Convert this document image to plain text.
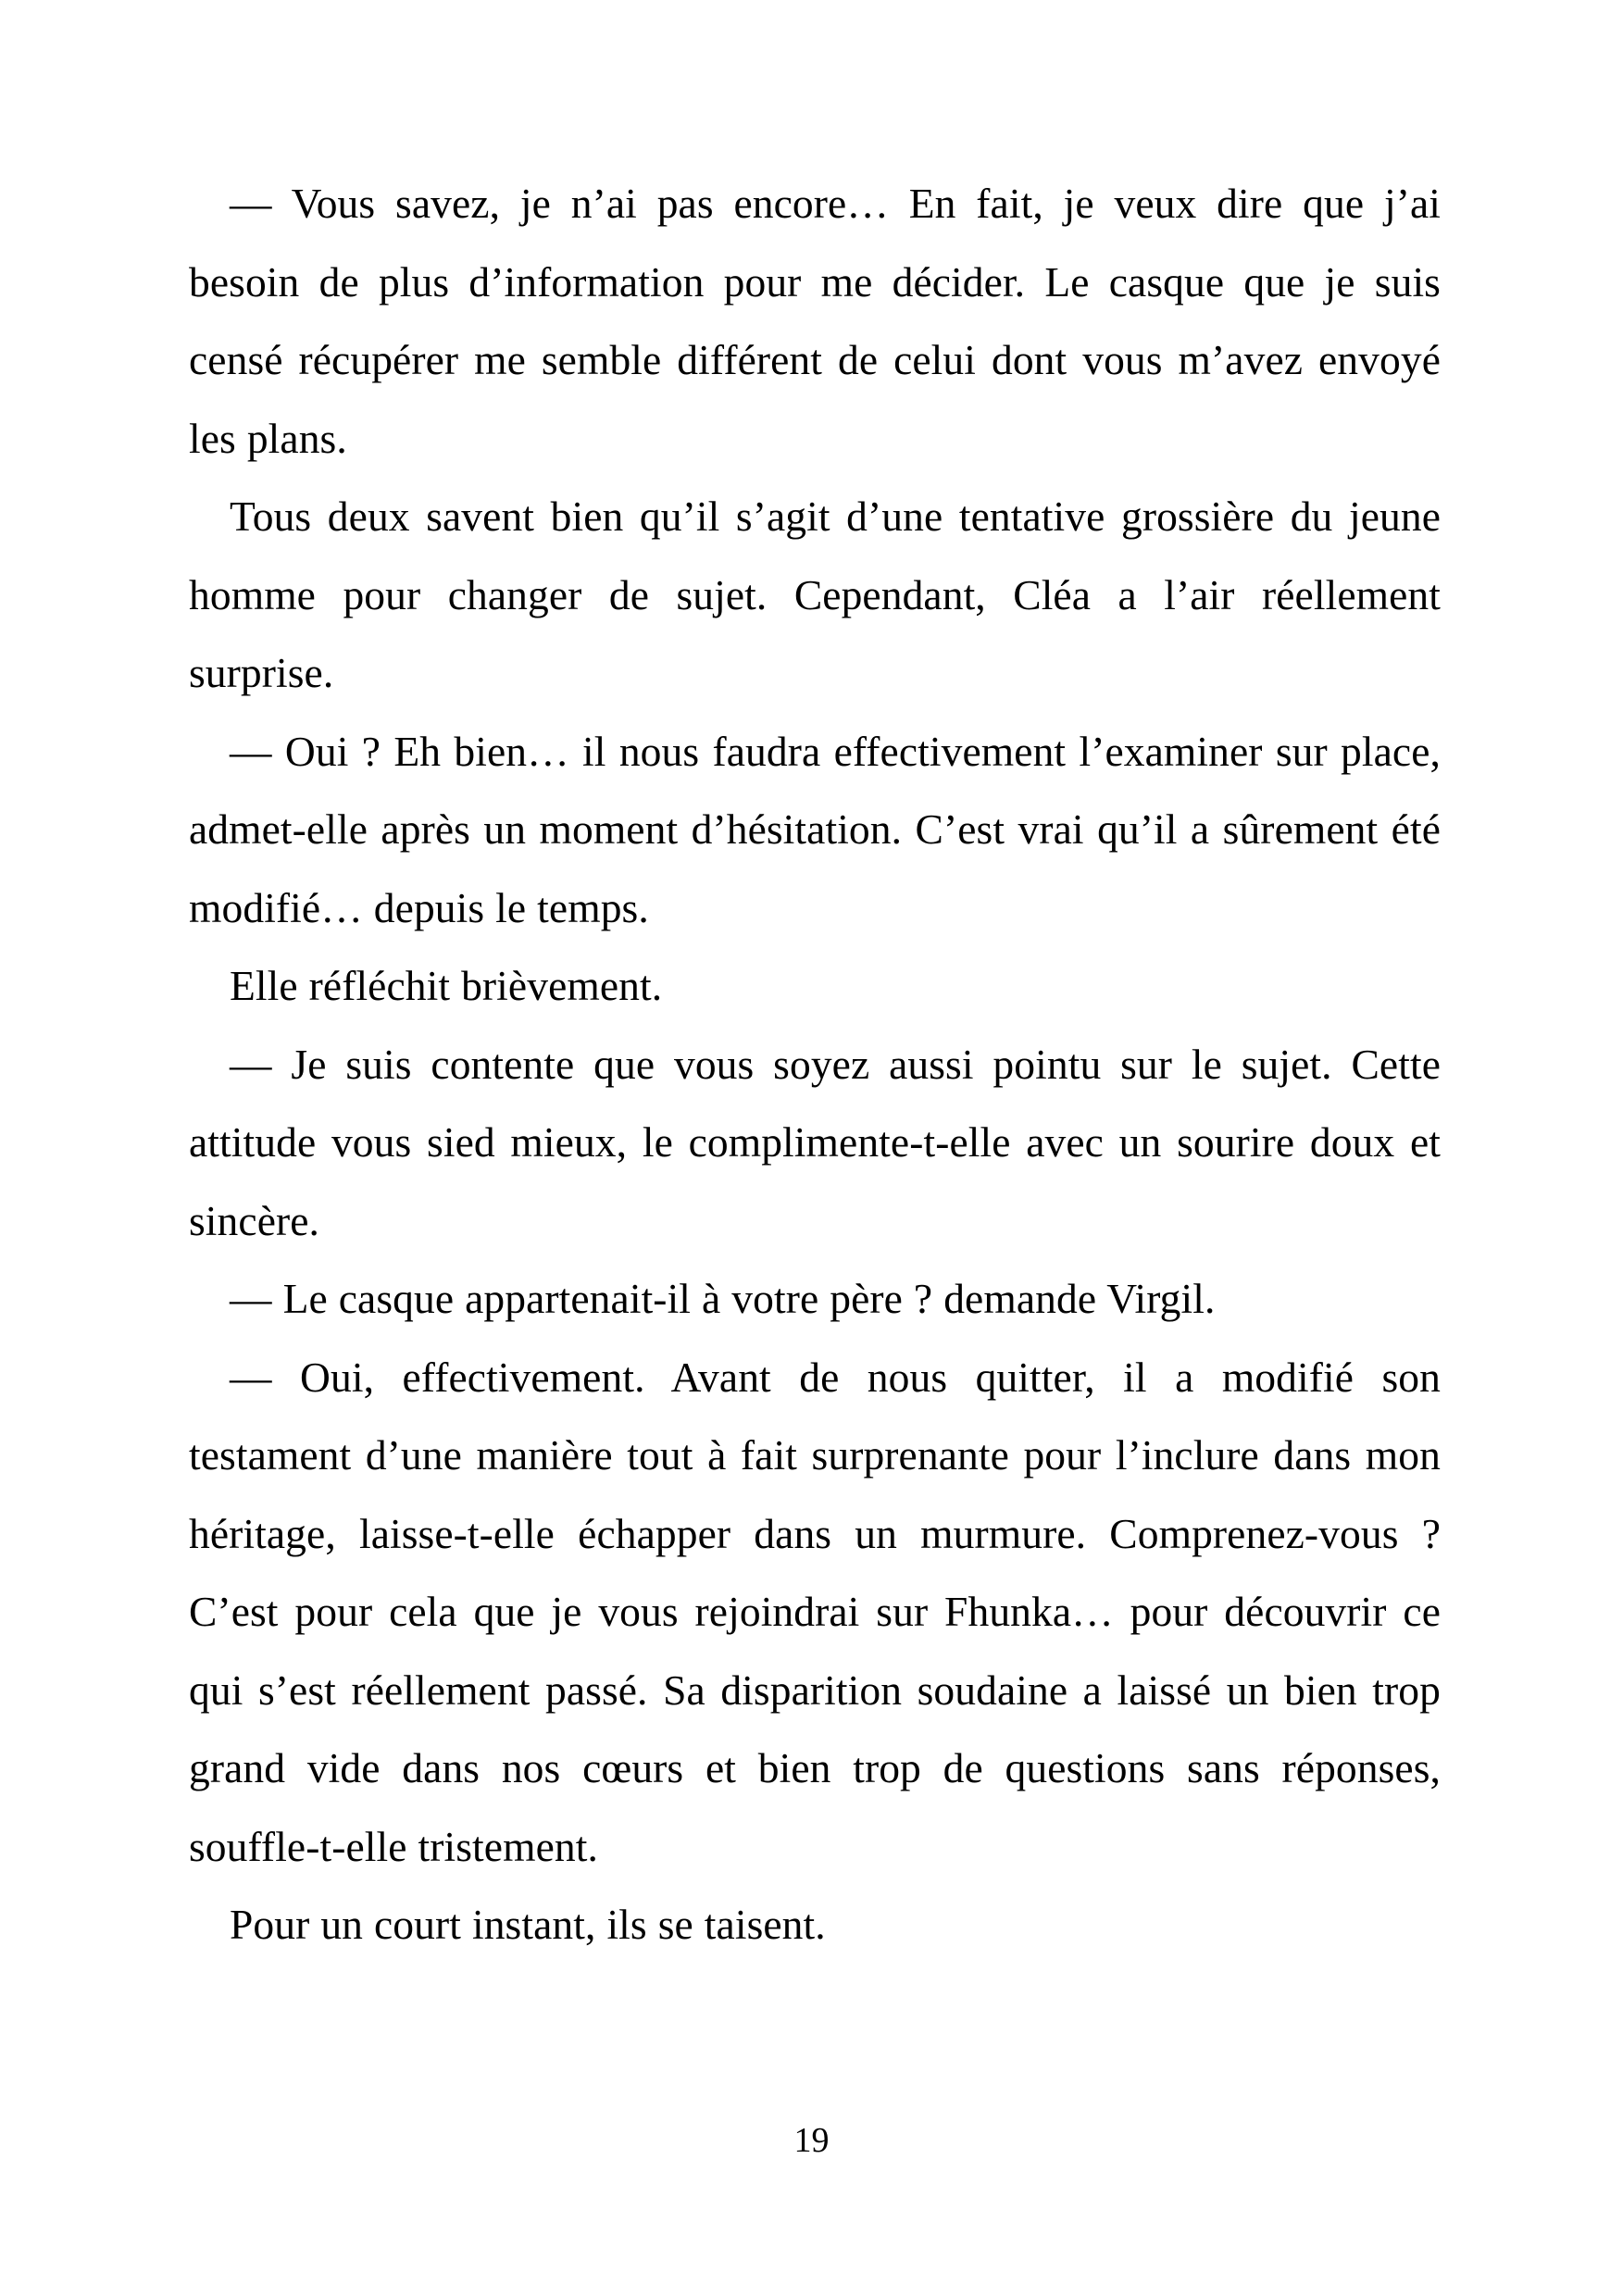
— Vous savez, je n’ai pas encore… En fait, je veux dire que j’ai besoin de plus d’information pour me décider. Le casque que je suis censé récupérer me semble différent de celui dont vous m’avez envoyé les plans.

Tous deux savent bien qu’il s’agit d’une tentative grossière du jeune homme pour changer de sujet. Cependant, Cléa a l’air réellement surprise.

— Oui ? Eh bien… il nous faudra effectivement l’examiner sur place, admet-elle après un moment d’hésitation. C’est vrai qu’il a sûrement été modifié… depuis le temps.

Elle réfléchit brièvement.

— Je suis contente que vous soyez aussi pointu sur le sujet. Cette attitude vous sied mieux, le complimente-t-elle avec un sourire doux et sincère.

— Le casque appartenait-il à votre père ? demande Virgil.

— Oui, effectivement. Avant de nous quitter, il a modifié son testament d’une manière tout à fait surprenante pour l’inclure dans mon héritage, laisse-t-elle échapper dans un murmure. Comprenez-vous ? C’est pour cela que je vous rejoindrai sur Fhunka… pour découvrir ce qui s’est réellement passé. Sa disparition soudaine a laissé un bien trop grand vide dans nos cœurs et bien trop de questions sans réponses, souffle-t-elle tristement.

Pour un court instant, ils se taisent.

19
